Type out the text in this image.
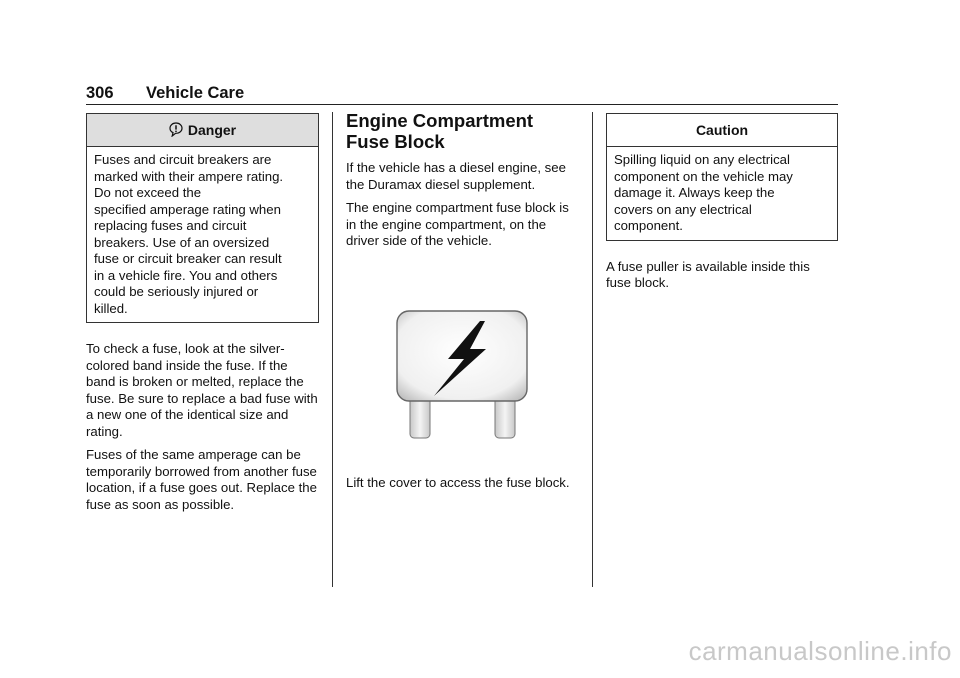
306 Vehicle Care
Danger
Fuses and circuit breakers are
marked with their ampere rating.
Do not exceed the
specified amperage rating when
replacing fuses and circuit
breakers. Use of an oversized
fuse or circuit breaker can result
in a vehicle fire. You and others
could be seriously injured or
killed.

To check a fuse, look at the silver-colored band inside the fuse. If the band is broken or melted, replace the fuse. Be sure to replace a bad fuse with a new one of the identical size and rating.

Fuses of the same amperage can be temporarily borrowed from another fuse location, if a fuse goes out. Replace the fuse as soon as possible.

Engine Compartment
Fuse Block

If the vehicle has a diesel engine, see the Duramax diesel supplement.

The engine compartment fuse block is in the engine compartment, on the driver side of the vehicle.

Lift the cover to access the fuse block.

Caution
Spilling liquid on any electrical
component on the vehicle may
damage it. Always keep the
covers on any electrical
component.

A fuse puller is available inside this fuse block.

carmanualsonline.info
